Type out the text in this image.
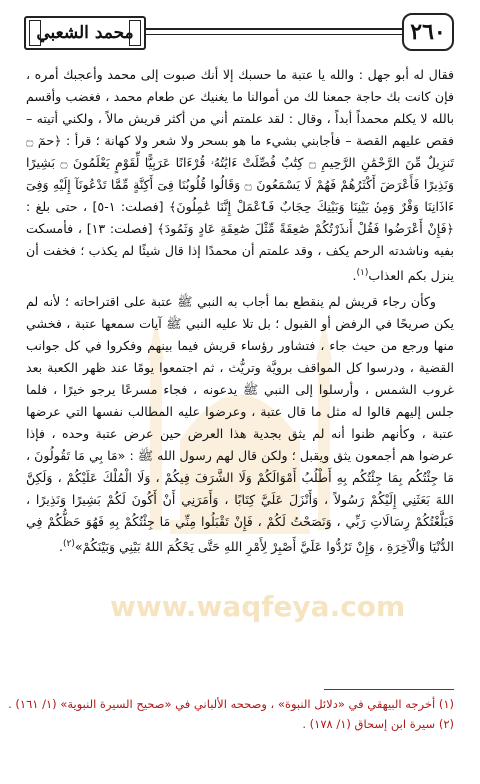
محمد الشعبي	٢٦٠
www.waqfeya.com

فقال له أبو جهل : والله يا عتبة ما حسبك إلا أنك صبوت إلى محمد وأعجبك أمره ، فإن كانت بك حاجة جمعنا لك من أموالنا ما يغنيك عن طعام محمد ، فغضب وأقسم بالله لا يكلم محمداً أبداً ، وقال : لقد علمتم أني من أكثر قريش مالاً ، ولكني أتيته – فقص عليهم القصة – فأجابني بشيء ما هو بسحر ولا شعر ولا كهانة ؛ قرأ : ﴿حمٓ ۝ تَنزِيلٌ مِّنَ الرَّحْمَٰنِ الرَّحِيمِ ۝ كِتَٰبٌ فُصِّلَتْ ءَايَٰتُهُۥ قُرْءَانًا عَرَبِيًّا لِّقَوْمٍ يَعْلَمُونَ ۝ بَشِيرًا وَنَذِيرًا فَأَعْرَضَ أَكْثَرُهُمْ فَهُمْ لَا يَسْمَعُونَ ۝ وَقَالُوا قُلُوبُنَا فِىٓ أَكِنَّةٍ مِّمَّا تَدْعُونَآ إِلَيْهِ وَفِىٓ ءَاذَانِنَا وَقْرٌ وَمِنۢ بَيْنِنَا وَبَيْنِكَ حِجَابٌ فَٱعْمَلْ إِنَّنَا عَٰمِلُونَ﴾ [فصلت: ١-٥] ، حتى بلغ : ﴿فَإِنْ أَعْرَضُوا فَقُلْ أَنذَرْتُكُمْ صَٰعِقَةً مِّثْلَ صَٰعِقَةِ عَادٍ وَثَمُودَ﴾ [فصلت: ١٣] ، فأمسكت بفيه وناشدته الرحم يكف ، وقد علمتم أن محمدًا إذا قال شيئًا لم يكذب ؛ فخفت أن ينزل بكم العذاب$^{(١)}$.

وكأن رجاء قريش لم ينقطع بما أجاب به النبي ﷺ عتبة على اقتراحاته ؛ لأنه لم يكن صريحًا في الرفض أو القبول ؛ بل تلا عليه النبي ﷺ آيات سمعها عتبة ، فخشي منها ورجع من حيث جاء ، فتشاور رؤساء قريش فيما بينهم وفكروا في كل جوانب القضية ، ودرسوا كل المواقف برويَّة وتريُّث ، ثم اجتمعوا يومًا عند ظهر الكعبة بعد غروب الشمس ، وأرسلوا إلى النبي ﷺ يدعونه ، فجاء مسرعًا يرجو خيرًا ، فلما جلس إليهم قالوا له مثل ما قال عتبة ، وعرضوا عليه المطالب نفسها التي عرضها عتبة ، وكأنهم ظنوا أنه لم يثق بجدية هذا العرض حين عرض عتبة وحده ، فإذا عرضوا هم أجمعون يثق ويقبل ؛ ولكن قال لهم رسول الله ﷺ : «مَا بِي مَا تَقُولُونَ ، مَا جِئْتُكُم بِمَا جِئْتُكُم بِهِ أَطْلُبُ أَمْوَالَكُمْ وَلَا الشَّرَفَ فِيكُمْ ، وَلَا الْمُلْكَ عَلَيْكُمْ ، وَلَكِنَّ اللهَ بَعَثَنِي إِلَيْكُمْ رَسُولاً ، وَأَنْزَلَ عَلَيَّ كِتَابًا ، وَأَمَرَنِي أَنْ أَكُونَ لَكُمْ بَشِيرًا وَنَذِيرًا ، فَبَلَّغْتُكُمْ رِسَالَاتِ رَبِّي ، وَنَصَحْتُ لَكُمْ ، فَإِنْ تَقْبَلُوا مِنِّي مَا جِئْتُكُمْ بِهِ فَهُوَ حَظُّكُمْ فِي الدُّنْيَا وَالْآخِرَةِ ، وَإِنْ تَرُدُّوا عَلَيَّ أَصْبِرْ لِأَمْرِ اللهِ حَتَّى يَحْكُمَ اللهُ بَيْنِي وَبَيْنَكُمْ»$^{(٢)}$.

(١) أخرجه البيهقي في «دلائل النبوة» ، وصححه الألباني في «صحيح السيرة النبوية» (١/ ١٦١) .
(٢) سيرة ابن إسحاق (١/ ١٧٨) .
